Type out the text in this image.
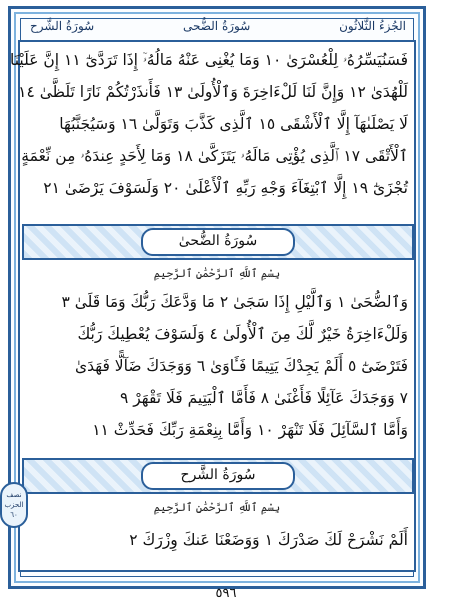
الجُزءُ الثَّلاثُون
سُورَةُ الضُّحى
سُورَةُ الشَّرح
فَسَنُيَسِّرُهُۥ لِلْعُسْرَىٰ ١٠ وَمَا يُغْنِى عَنْهُ مَالُهُۥٓ إِذَا تَرَدَّىٰٓ ١١ إِنَّ عَلَيْنَا
لَلْهُدَىٰ ١٢ وَإِنَّ لَنَا لَلْءَاخِرَةَ وَٱلْأُولَىٰ ١٣ فَأَنذَرْتُكُمْ نَارًا تَلَظَّىٰ ١٤
لَا يَصْلَىٰهَآ إِلَّا ٱلْأَشْقَى ١٥ ٱلَّذِى كَذَّبَ وَتَوَلَّىٰ ١٦ وَسَيُجَنَّبُهَا
ٱلْأَتْقَى ١٧ ٱلَّذِى يُؤْتِى مَالَهُۥ يَتَزَكَّىٰ ١٨ وَمَا لِأَحَدٍ عِندَهُۥ مِن نِّعْمَةٍ
تُجْزَىٰٓ ١٩ إِلَّا ٱبْتِغَآءَ وَجْهِ رَبِّهِ ٱلْأَعْلَىٰ ٢٠ وَلَسَوْفَ يَرْضَىٰ ٢١
سُورَةُ الضُّحىٰ
بِسْمِ ٱللَّهِ ٱلرَّحْمَٰنِ ٱلرَّحِيمِ
وَٱلضُّحَىٰ ١ وَٱلَّيْلِ إِذَا سَجَىٰ ٢ مَا وَدَّعَكَ رَبُّكَ وَمَا قَلَىٰ ٣
وَلَلْءَاخِرَةُ خَيْرٌ لَّكَ مِنَ ٱلْأُولَىٰ ٤ وَلَسَوْفَ يُعْطِيكَ رَبُّكَ
فَتَرْضَىٰٓ ٥ أَلَمْ يَجِدْكَ يَتِيمًا فَـَٔاوَىٰ ٦ وَوَجَدَكَ ضَآلًّا فَهَدَىٰ
٧ وَوَجَدَكَ عَآئِلًا فَأَغْنَىٰ ٨ فَأَمَّا ٱلْيَتِيمَ فَلَا تَقْهَرْ ٩
وَأَمَّا ٱلسَّآئِلَ فَلَا تَنْهَرْ ١٠ وَأَمَّا بِنِعْمَةِ رَبِّكَ فَحَدِّثْ ١١
سُورَةُ الشَّرح
بِسْمِ ٱللَّهِ ٱلرَّحْمَٰنِ ٱلرَّحِيمِ
أَلَمْ نَشْرَحْ لَكَ صَدْرَكَ ١ وَوَضَعْنَا عَنكَ وِزْرَكَ ٢
نصف
الحزب
٦٠
٥٩٦
